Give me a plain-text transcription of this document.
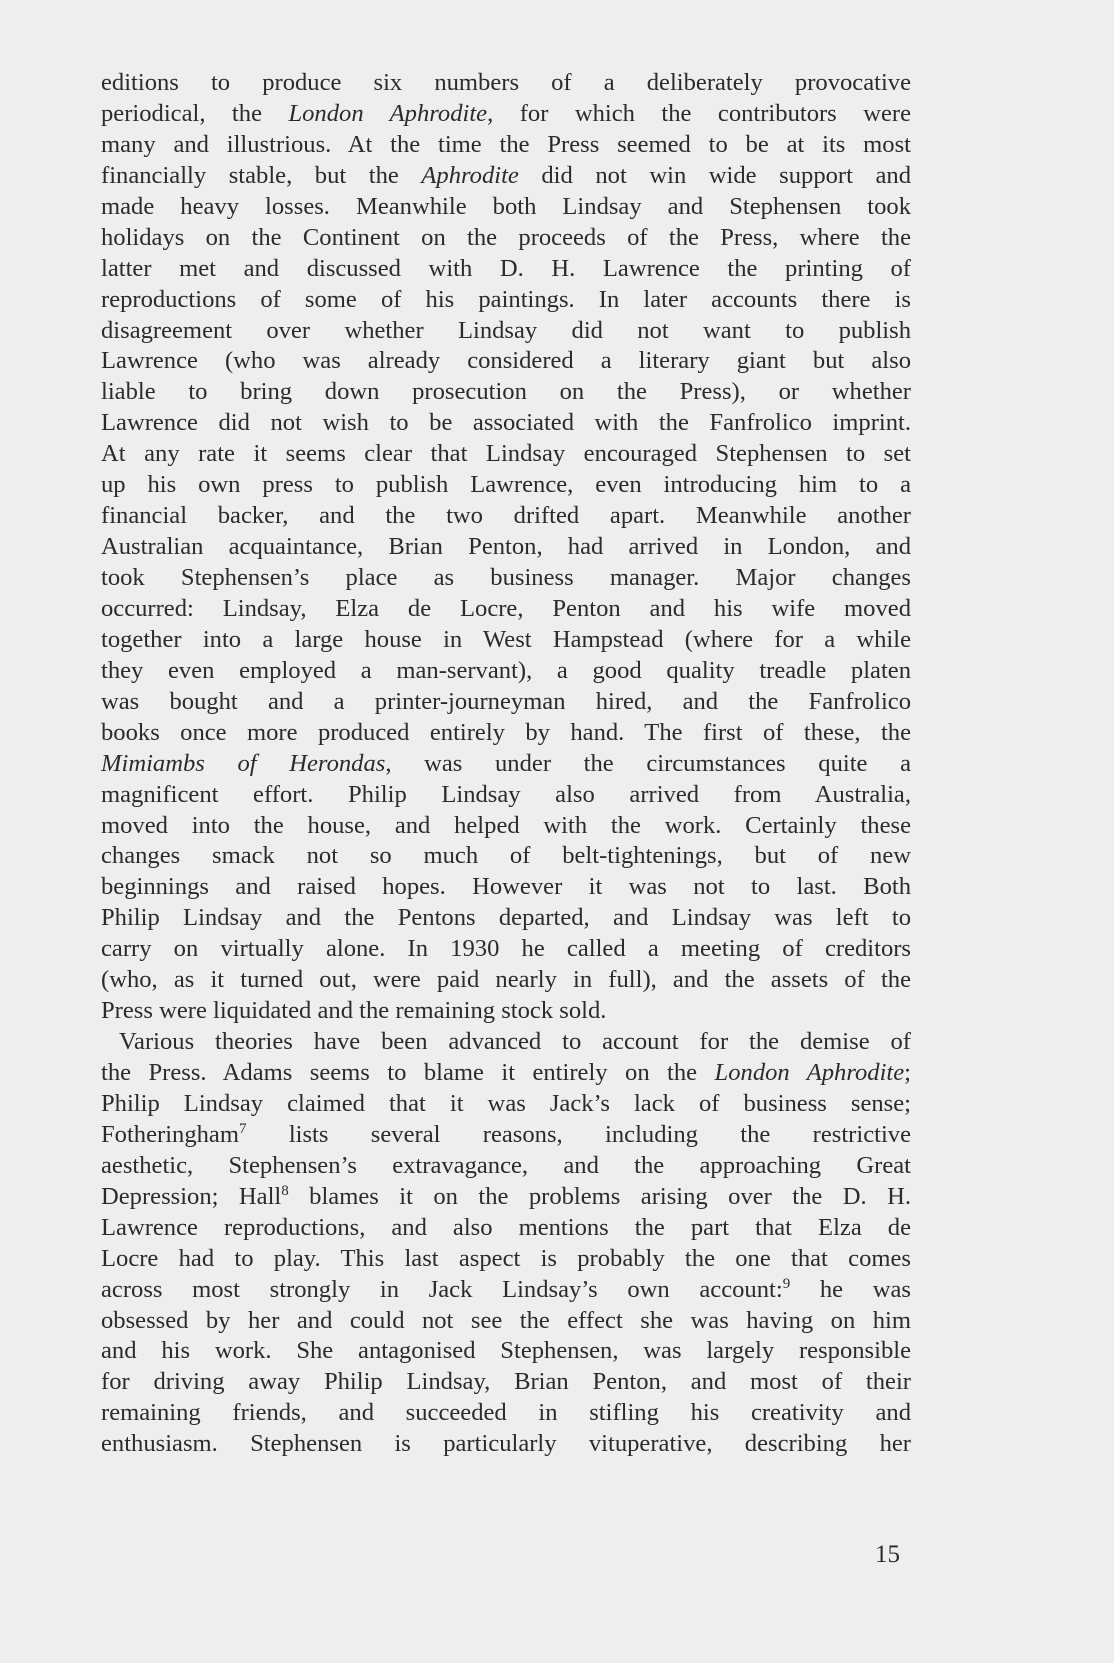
editions to produce six numbers of a deliberately provocative
periodical, the London Aphrodite, for which the contributors were
many and illustrious. At the time the Press seemed to be at its most
financially stable, but the Aphrodite did not win wide support and
made heavy losses. Meanwhile both Lindsay and Stephensen took
holidays on the Continent on the proceeds of the Press, where the
latter met and discussed with D. H. Lawrence the printing of
reproductions of some of his paintings. In later accounts there is
disagreement over whether Lindsay did not want to publish
Lawrence (who was already considered a literary giant but also
liable to bring down prosecution on the Press), or whether
Lawrence did not wish to be associated with the Fanfrolico imprint.
At any rate it seems clear that Lindsay encouraged Stephensen to set
up his own press to publish Lawrence, even introducing him to a
financial backer, and the two drifted apart. Meanwhile another
Australian acquaintance, Brian Penton, had arrived in London, and
took Stephensen’s place as business manager. Major changes
occurred: Lindsay, Elza de Locre, Penton and his wife moved
together into a large house in West Hampstead (where for a while
they even employed a man-servant), a good quality treadle platen
was bought and a printer-journeyman hired, and the Fanfrolico
books once more produced entirely by hand. The first of these, the
Mimiambs of Herondas, was under the circumstances quite a
magnificent effort. Philip Lindsay also arrived from Australia,
moved into the house, and helped with the work. Certainly these
changes smack not so much of belt-tightenings, but of new
beginnings and raised hopes. However it was not to last. Both
Philip Lindsay and the Pentons departed, and Lindsay was left to
carry on virtually alone. In 1930 he called a meeting of creditors
(who, as it turned out, were paid nearly in full), and the assets of the
Press were liquidated and the remaining stock sold.
Various theories have been advanced to account for the demise of
the Press. Adams seems to blame it entirely on the London Aphrodite;
Philip Lindsay claimed that it was Jack’s lack of business sense;
Fotheringham$^7$ lists several reasons, including the restrictive
aesthetic, Stephensen’s extravagance, and the approaching Great
Depression; Hall$^8$ blames it on the problems arising over the D. H.
Lawrence reproductions, and also mentions the part that Elza de
Locre had to play. This last aspect is probably the one that comes
across most strongly in Jack Lindsay’s own account:$^9$ he was
obsessed by her and could not see the effect she was having on him
and his work. She antagonised Stephensen, was largely responsible
for driving away Philip Lindsay, Brian Penton, and most of their
remaining friends, and succeeded in stifling his creativity and
enthusiasm. Stephensen is particularly vituperative, describing her
15
